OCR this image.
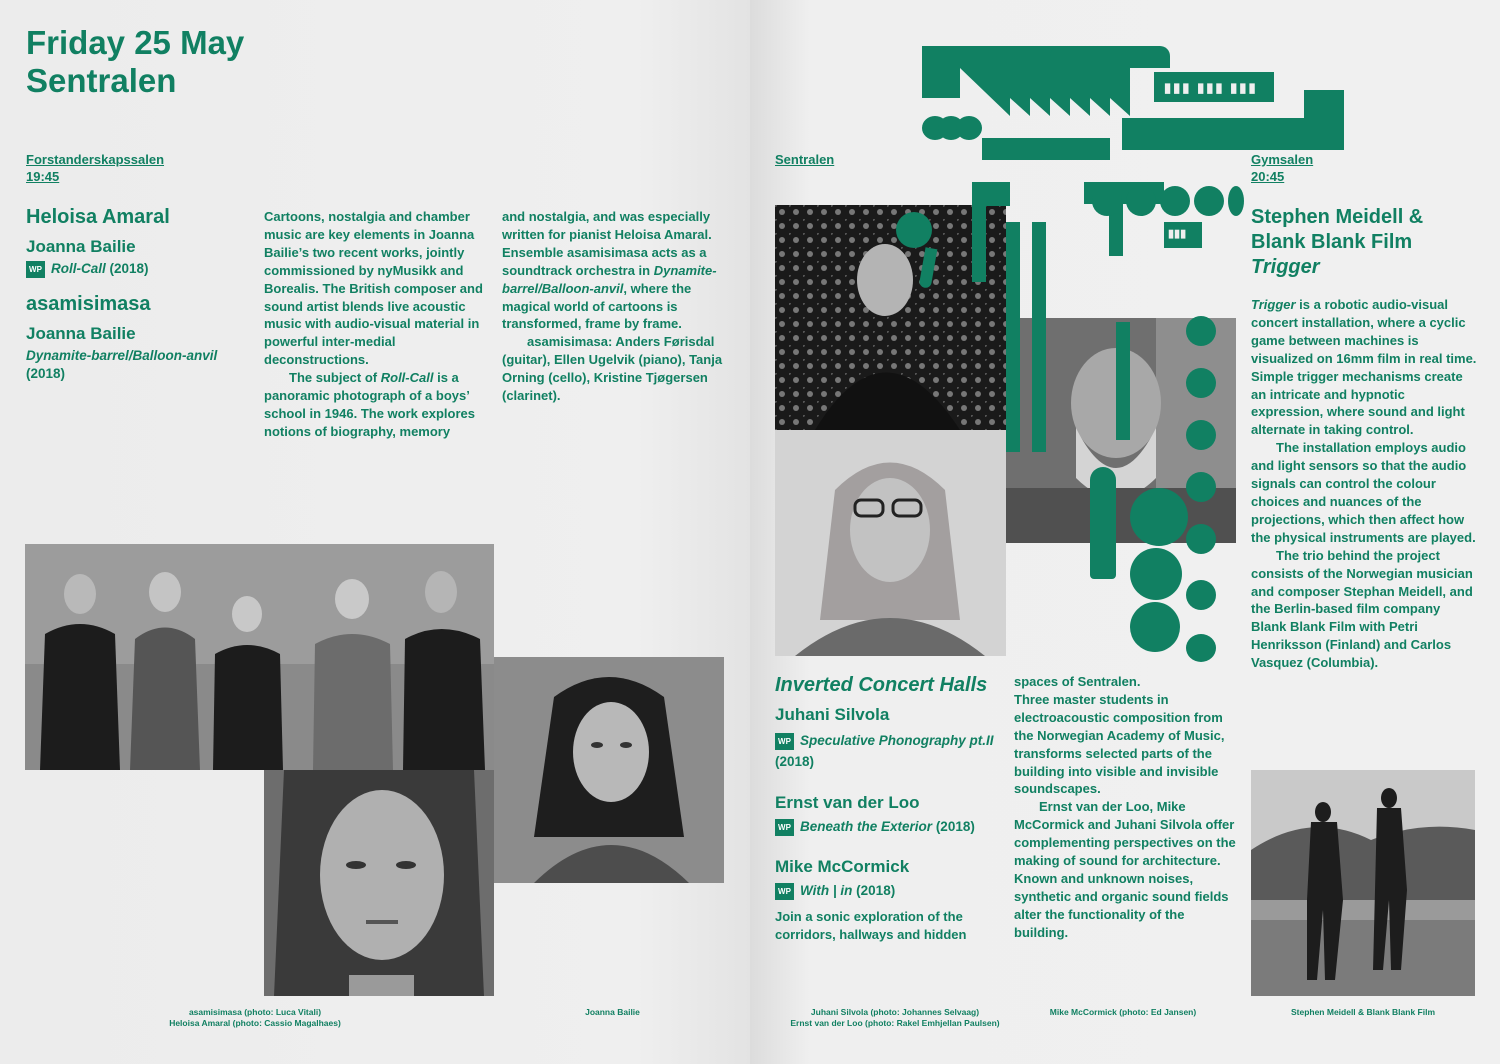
Friday 25 May
Sentralen
Forstanderskapssalen
19:45
Heloisa Amaral
Joanna Bailie
WP Roll-Call (2018)
asamisimasa
Joanna Bailie
Dynamite-barrel/Balloon-anvil
(2018)

Cartoons, nostalgia and chamber music are key elements in Joanna Bailie’s two recent works, jointly commissioned by nyMusikk and Borealis. The British composer and sound artist blends live acoustic music with audio-visual material in powerful inter-medial deconstructions.

The subject of Roll-Call is a panoramic photograph of a boys’ school in 1946. The work explores notions of biography, memory

and nostalgia, and was especially written for pianist Heloisa Amaral. Ensemble asamisimasa acts as a soundtrack orchestra in Dynamite-barrel/Balloon-anvil, where the magical world of cartoons is transformed, frame by frame.

asamisimasa: Anders Førisdal (guitar), Ellen Ugelvik (piano), Tanja Orning (cello), Kristine Tjøgersen (clarinet).

asamisimasa (photo: Luca Vitali)
Heloisa Amaral (photo: Cassio Magalhaes)
Joanna Bailie
▮▮▮ ▮▮▮ ▮▮▮
Sentralen	Gymsalen
20:45
▮▮▮
Inverted Concert Halls
Juhani Silvola
WP Speculative Phonography pt.II (2018)
Ernst van der Loo
WP Beneath the Exterior (2018)
Mike McCormick
WP With | in (2018)
Join a sonic exploration of the corridors, hallways and hidden

spaces of Sentralen.

Three master students in electroacoustic composition from the Norwegian Academy of Music, transforms selected parts of the building into visible and invisible soundscapes.

Ernst van der Loo, Mike McCormick and Juhani Silvola offer complementing perspectives on the making of sound for architecture. Known and unknown noises, synthetic and organic sound fields alter the functionality of the building.

Stephen Meidell &
Blank Blank Film
Trigger

Trigger is a robotic audio-visual concert installation, where a cyclic game between machines is visualized on 16mm film in real time. Simple trigger mechanisms create an intricate and hypnotic expression, where sound and light alternate in taking control.

The installation employs audio and light sensors so that the audio signals can control the colour choices and nuances of the projections, which then affect how the physical instruments are played.

The trio behind the project consists of the Norwegian musician and composer Stephan Meidell, and the Berlin-based film company Blank Blank Film with Petri Henriksson (Finland) and Carlos Vasquez (Columbia).

Juhani Silvola (photo: Johannes Selvaag)
Ernst van der Loo (photo: Rakel Emhjellan Paulsen)
Mike McCormick (photo: Ed Jansen)	Stephen Meidell & Blank Blank Film
